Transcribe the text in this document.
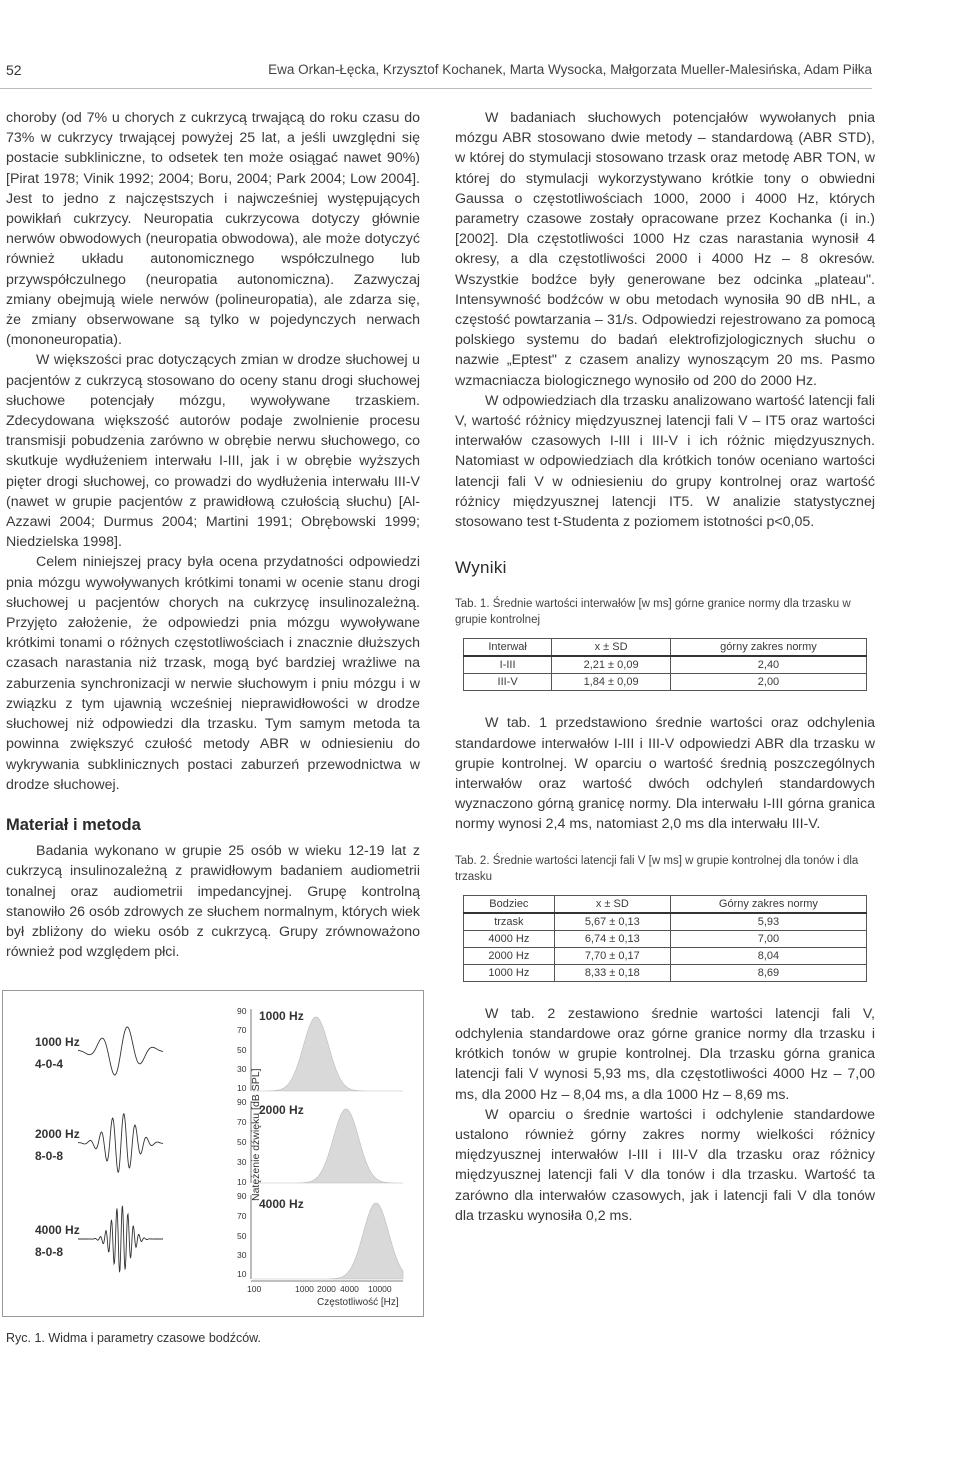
52	Ewa Orkan-Łęcka, Krzysztof Kochanek, Marta Wysocka, Małgorzata Mueller-Malesińska, Adam Piłka

choroby (od 7% u chorych z cukrzycą trwającą do roku czasu do 73% w cukrzycy trwającej powyżej 25 lat, a jeśli uwzględni się postacie subkliniczne, to odsetek ten może osiągać nawet 90%) [Pirat 1978; Vinik 1992; 2004; Boru, 2004; Park 2004; Low 2004]. Jest to jedno z najczęstszych i najwcześniej występujących powikłań cukrzycy. Neuropatia cukrzycowa dotyczy głównie nerwów obwodowych (neuropatia obwodowa), ale może dotyczyć również układu autonomicznego współczulnego lub przywspółczulnego (neuropatia autonomiczna). Zazwyczaj zmiany obejmują wiele nerwów (polineuropatia), ale zdarza się, że zmiany obserwowane są tylko w pojedynczych nerwach (mononeuropatia).

W większości prac dotyczących zmian w drodze słuchowej u pacjentów z cukrzycą stosowano do oceny stanu drogi słuchowej słuchowe potencjały mózgu, wywoływane trzaskiem. Zdecydowana większość autorów podaje zwolnienie procesu transmisji pobudzenia zarówno w obrębie nerwu słuchowego, co skutkuje wydłużeniem interwału I-III, jak i w obrębie wyższych pięter drogi słuchowej, co prowadzi do wydłużenia interwału III-V (nawet w grupie pacjentów z prawidłową czułością słuchu) [Al-Azzawi 2004; Durmus 2004; Martini 1991; Obrębowski 1999; Niedzielska 1998].

Celem niniejszej pracy była ocena przydatności odpowiedzi pnia mózgu wywoływanych krótkimi tonami w ocenie stanu drogi słuchowej u pacjentów chorych na cukrzycę insulinozależną. Przyjęto założenie, że odpowiedzi pnia mózgu wywoływane krótkimi tonami o różnych częstotliwościach i znacznie dłuższych czasach narastania niż trzask, mogą być bardziej wrażliwe na zaburzenia synchronizacji w nerwie słuchowym i pniu mózgu i w związku z tym ujawnią wcześniej nieprawidłowości w drodze słuchowej niż odpowiedzi dla trzasku. Tym samym metoda ta powinna zwiększyć czułość metody ABR w odniesieniu do wykrywania subklinicznych postaci zaburzeń przewodnictwa w drodze słuchowej.

Materiał i metoda

Badania wykonano w grupie 25 osób w wieku 12-19 lat z cukrzycą insulinozależną z prawidłowym badaniem audiometrii tonalnej oraz audiometrii impedancyjnej. Grupę kontrolną stanowiło 26 osób zdrowych ze słuchem normalnym, których wiek był zbliżony do wieku osób z cukrzycą. Grupy zrównoważono również pod względem płci.

W badaniach słuchowych potencjałów wywołanych pnia mózgu ABR stosowano dwie metody – standardową (ABR STD), w której do stymulacji stosowano trzask oraz metodę ABR TON, w której do stymulacji wykorzystywano krótkie tony o obwiedni Gaussa o częstotliwościach 1000, 2000 i 4000 Hz, których parametry czasowe zostały opracowane przez Kochanka (i in.) [2002]. Dla częstotliwości 1000 Hz czas narastania wynosił 4 okresy, a dla częstotliwości 2000 i 4000 Hz – 8 okresów. Wszystkie bodźce były generowane bez odcinka „plateau". Intensywność bodźców w obu metodach wynosiła 90 dB nHL, a częstość powtarzania – 31/s. Odpowiedzi rejestrowano za pomocą polskiego systemu do badań elektrofizjologicznych słuchu o nazwie „Eptest" z czasem analizy wynoszącym 20 ms. Pasmo wzmacniacza biologicznego wynosiło od 200 do 2000 Hz.

W odpowiedziach dla trzasku analizowano wartość latencji fali V, wartość różnicy międzyusznej latencji fali V – IT5 oraz wartości interwałów czasowych I-III i III-V i ich różnic międzyusznych. Natomiast w odpowiedziach dla krótkich tonów oceniano wartości latencji fali V w odniesieniu do grupy kontrolnej oraz wartość różnicy międzyusznej latencji IT5. W analizie statystycznej stosowano test t-Studenta z poziomem istotności p<0,05.

Wyniki
Tab. 1. Średnie wartości interwałów [w ms] górne granice normy dla trzasku w grupie kontrolnej
Interwał	x ± SD	górny zakres normy
I-III	2,21 ± 0,09	2,40
III-V	1,84 ± 0,09	2,00

W tab. 1 przedstawiono średnie wartości oraz odchylenia standardowe interwałów I-III i III-V odpowiedzi ABR dla trzasku w grupie kontrolnej. W oparciu o wartość średnią poszczególnych interwałów oraz wartość dwóch odchyleń standardowych wyznaczono górną granicę normy. Dla interwału I-III górna granica normy wynosi 2,4 ms, natomiast 2,0 ms dla interwału III-V.

Tab. 2. Średnie wartości latencji fali V [w ms] w grupie kontrolnej dla tonów i dla trzasku
Bodziec	x ± SD	Górny zakres normy
trzask	5,67 ± 0,13	5,93
4000 Hz	6,74 ± 0,13	7,00
2000 Hz	7,70 ± 0,17	8,04
1000 Hz	8,33 ± 0,18	8,69

W tab. 2 zestawiono średnie wartości latencji fali V, odchylenia standardowe oraz górne granice normy dla trzasku i krótkich tonów w grupie kontrolnej. Dla trzasku górna granica latencji fali V wynosi 5,93 ms, dla częstotliwości 4000 Hz – 7,00 ms, dla 2000 Hz – 8,04 ms, a dla 1000 Hz – 8,69 ms.

W oparciu o średnie wartości i odchylenie standardowe ustalono również górny zakres normy wielkości różnicy międzyusznej interwałów I-III i III-V dla trzasku oraz różnicy międzyusznej latencji fali V dla tonów i dla trzasku. Wartość ta zarówno dla interwałów czasowych, jak i latencji fali V dla tonów dla trzasku wynosiła 0,2 ms.

1000 Hz
4-0-4
2000 Hz
8-0-8
4000 Hz
8-0-8
1000 Hz
2000 Hz
4000 Hz
90
70
50
30
10
90
70
50
30
10
90
70
50
30
10
100	1000 2000 4000 10000
Częstotliwość [Hz]
Natężenie dźwięku [dB SPL]
Ryc. 1. Widma i parametry czasowe bodźców.
